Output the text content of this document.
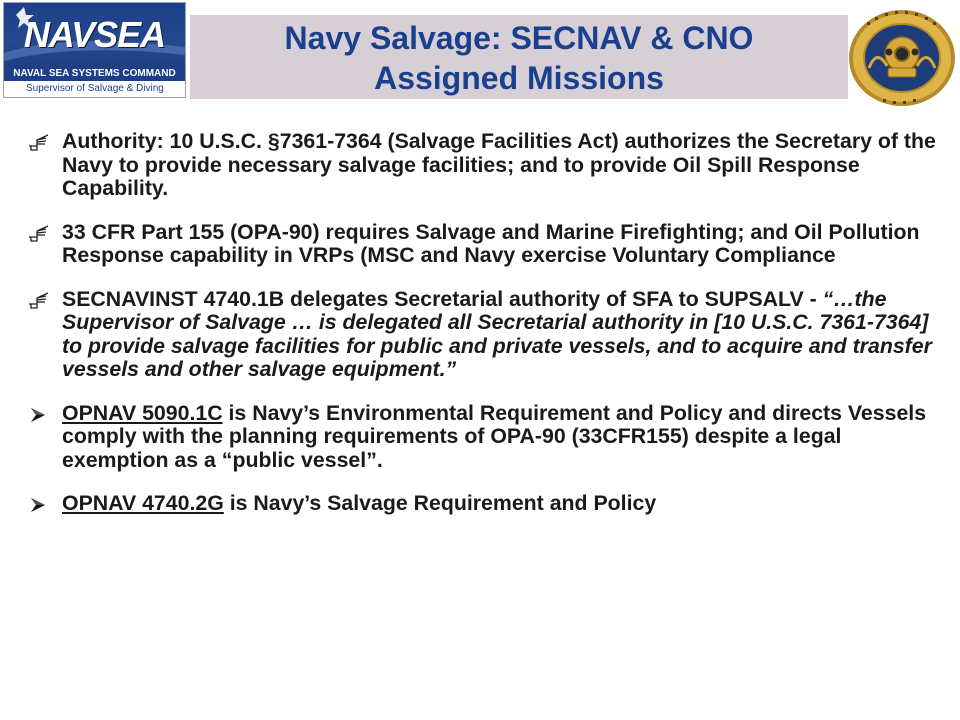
Navy Salvage: SECNAV & CNO
Assigned Missions
NAVSEA
NAVAL SEA SYSTEMS COMMAND
Supervisor of Salvage & Diving
Authority: 10 U.S.C. §7361-7364 (Salvage Facilities Act) authorizes the Secretary of the Navy to provide necessary salvage facilities; and to provide Oil Spill Response Capability.
33 CFR Part 155 (OPA-90) requires Salvage and Marine Firefighting; and Oil Pollution Response capability in VRPs (MSC and Navy exercise Voluntary Compliance
SECNAVINST 4740.1B delegates Secretarial authority of SFA to SUPSALV - “…the Supervisor of Salvage … is delegated all Secretarial authority in [10 U.S.C. 7361-7364] to provide salvage facilities for public and private vessels, and to acquire and transfer vessels and other salvage equipment.”
OPNAV 5090.1C is Navy’s Environmental Requirement and Policy and directs Vessels comply with the planning requirements of OPA-90 (33CFR155) despite a legal exemption as a “public vessel”.
OPNAV 4740.2G is Navy’s Salvage Requirement and Policy
